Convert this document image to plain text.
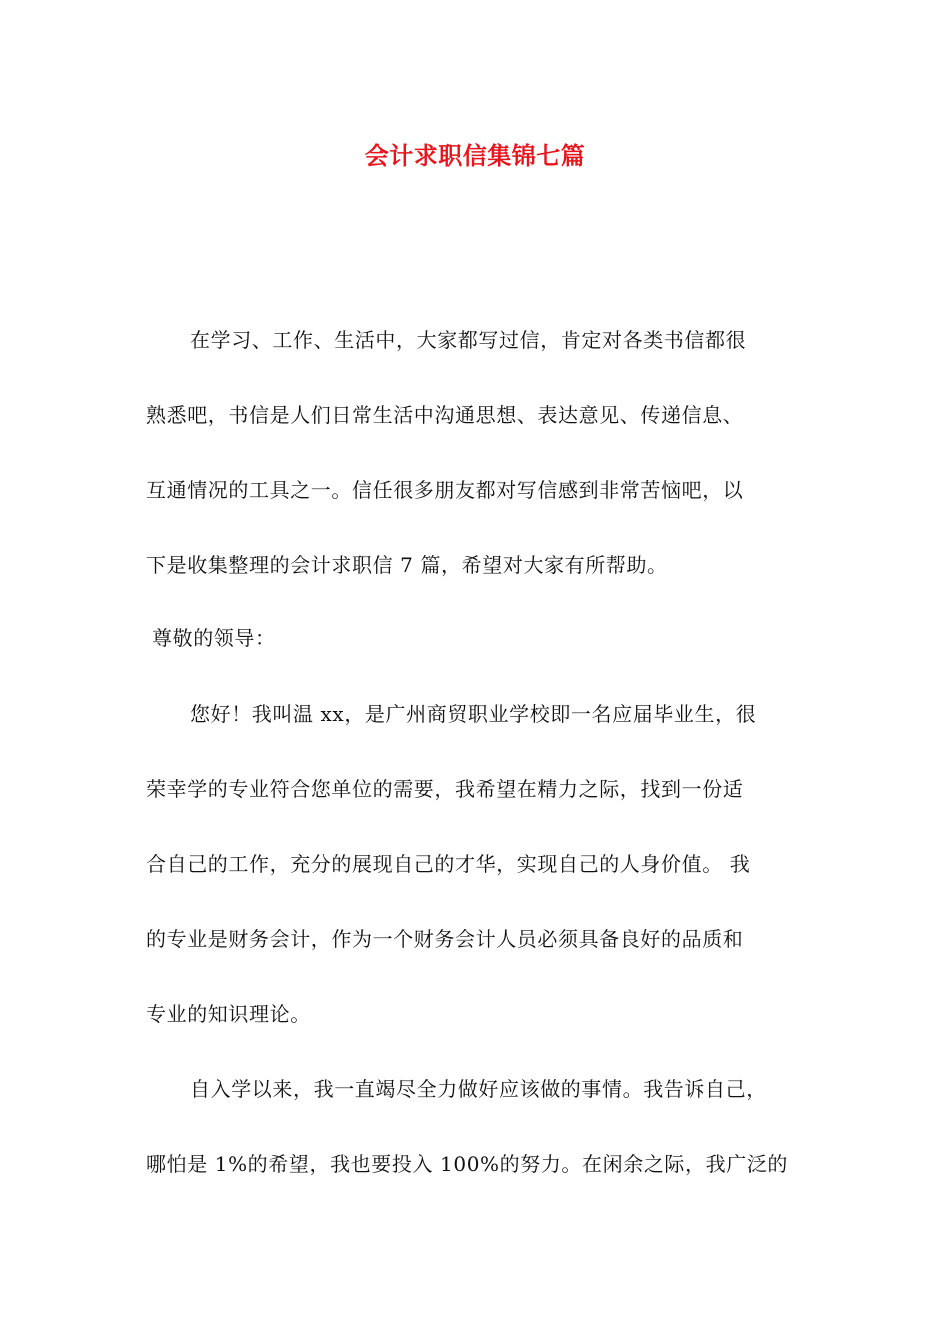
会计求职信集锦七篇
在学习、工作、生活中，大家都写过信，肯定对各类书信都很
熟悉吧，书信是人们日常生活中沟通思想、表达意见、传递信息、
互通情况的工具之一。信任很多朋友都对写信感到非常苦恼吧，以
下是收集整理的会计求职信 7 篇，希望对大家有所帮助。
尊敬的领导：
您好！我叫温 xx，是广州商贸职业学校即一名应届毕业生，很
荣幸学的专业符合您单位的需要，我希望在精力之际，找到一份适
合自己的工作，充分的展现自己的才华，实现自己的人身价值。 我
的专业是财务会计，作为一个财务会计人员必须具备良好的品质和
专业的知识理论。
自入学以来，我一直竭尽全力做好应该做的事情。我告诉自己，
哪怕是 1%的希望，我也要投入 100%的努力。在闲余之际，我广泛的
